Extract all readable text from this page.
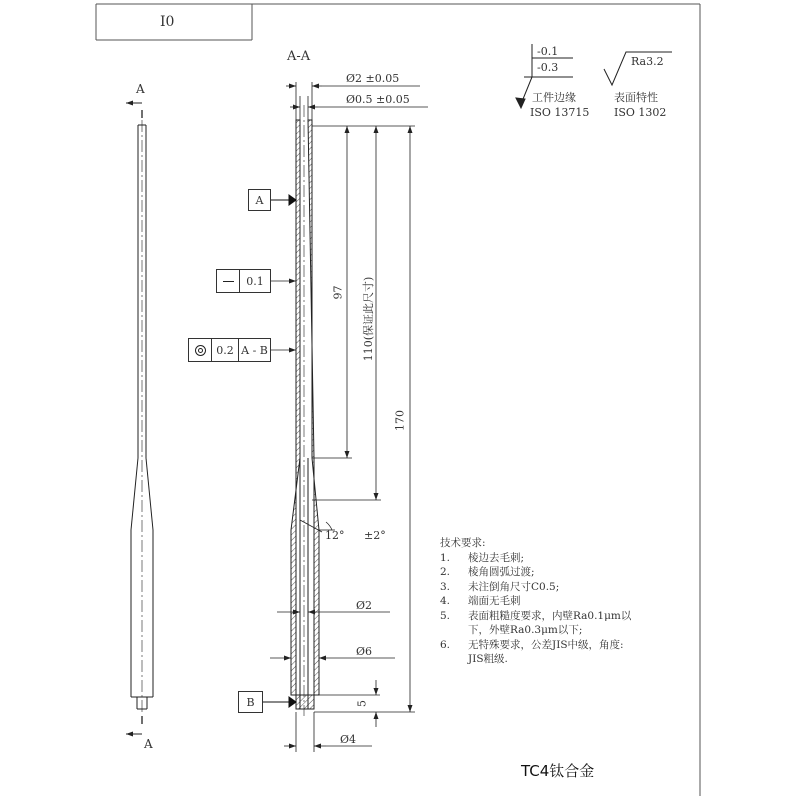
I0
A
A
A-A
Ø2 ±0.05
Ø0.5 ±0.05
A
B
0.1
0.2 A - B
97 110(保证此尺寸)
170
12° ±2°
Ø2
Ø6
5
Ø4
-0.1
-0.3
工件边缘
ISO 13715
Ra3.2
表面特性
ISO 1302
技术要求:
1.	棱边去毛刺;
2.	棱角圆弧过渡;
3.	未注倒角尺寸C0.5;
4.	端面无毛刺
5.	表面粗糙度要求，内壁Ra0.1μm以
下，外壁Ra0.3μm以下;
6.	无特殊要求，公差JIS中级，角度:
JIS粗级.
TC4钛合金
